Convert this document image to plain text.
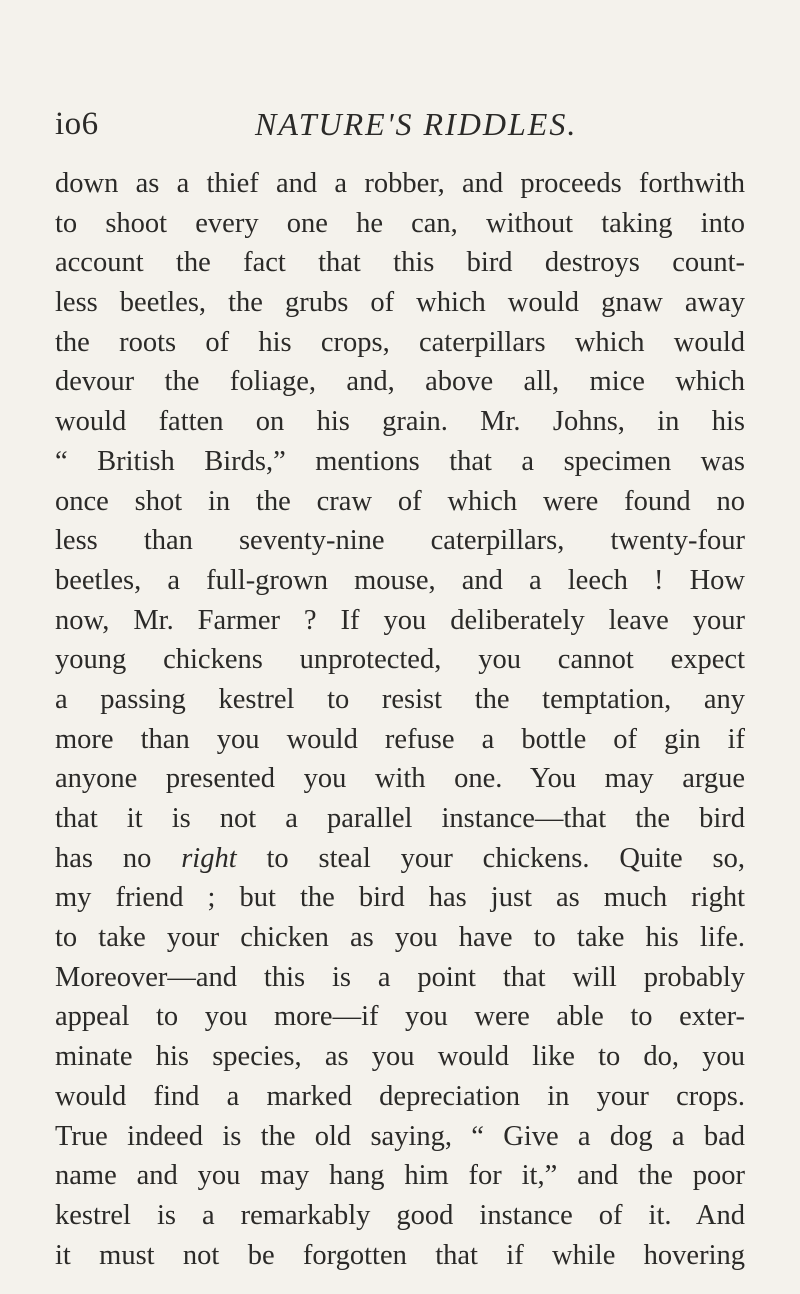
io6	NATURE'S RIDDLES.
down as a thief and a robber, and proceeds forthwith
to shoot every one he can, without taking into
account the fact that this bird destroys count-
less beetles, the grubs of which would gnaw away
the roots of his crops, caterpillars which would
devour the foliage, and, above all, mice which
would fatten on his grain. Mr. Johns, in his
“ British Birds,” mentions that a specimen was
once shot in the craw of which were found no
less than seventy-nine caterpillars, twenty-four
beetles, a full-grown mouse, and a leech ! How
now, Mr. Farmer ? If you deliberately leave your
young chickens unprotected, you cannot expect
a passing kestrel to resist the temptation, any
more than you would refuse a bottle of gin if
anyone presented you with one. You may argue
that it is not a parallel instance—that the bird
has no right to steal your chickens. Quite so,
my friend ; but the bird has just as much right
to take your chicken as you have to take his life.
Moreover—and this is a point that will probably
appeal to you more—if you were able to exter-
minate his species, as you would like to do, you
would find a marked depreciation in your crops.
True indeed is the old saying, “ Give a dog a bad
name and you may hang him for it,” and the poor
kestrel is a remarkably good instance of it. And
it must not be forgotten that if while hovering
